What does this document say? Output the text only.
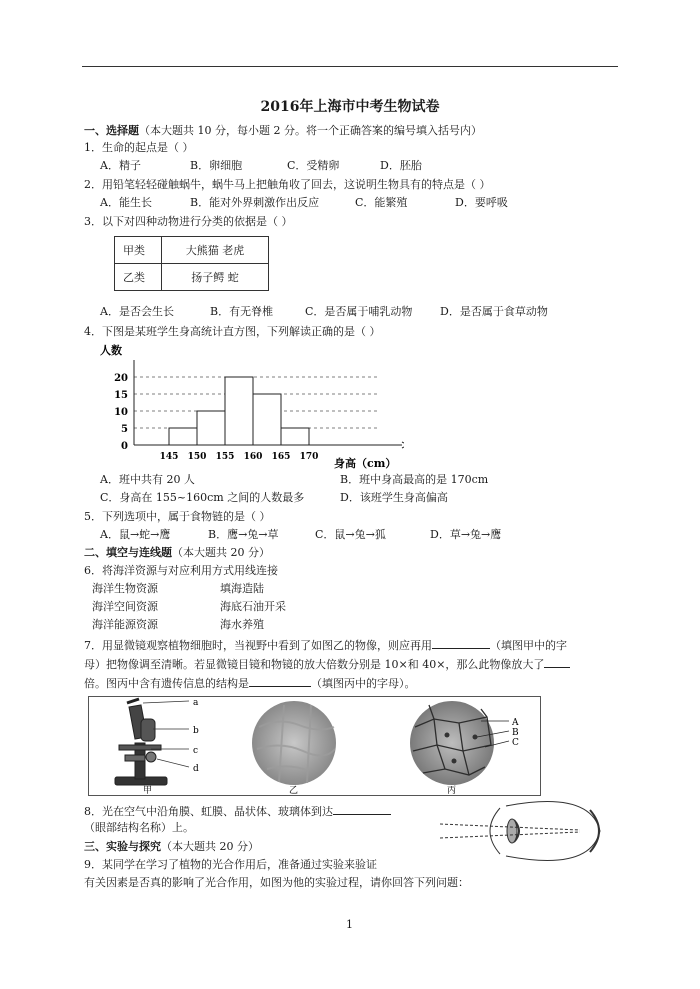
2016年上海市中考生物试卷
一、选择题（本大题共 10 分，每小题 2 分。将一个正确答案的编号填入括号内）
1．生命的起点是（ ）
A．精子	B．卵细胞	C．受精卵	D．胚胎
2．用铅笔轻轻碰触蜗牛，蜗牛马上把触角收了回去，这说明生物具有的特点是（ ）
A．能生长	B．能对外界刺激作出反应	C．能繁殖	D．要呼吸
3．以下对四种动物进行分类的依据是（ ）
甲类	大熊猫 老虎
乙类	扬子鳄 蛇
A．是否会生长	B．有无脊椎	C．是否属于哺乳动物	D．是否属于食草动物
4．下图是某班学生身高统计直方图，下列解读正确的是（ ）
人数
0
5
10
15
20
145 150 155 160 165 170 身高（cm）
A．班中共有 20 人	B．班中身高最高的是 170cm
C．身高在 155~160cm 之间的人数最多	D．该班学生身高偏高
5．下列选项中，属于食物链的是（ ）
A．鼠→蛇→鹰	B．鹰→兔→草	C．鼠→兔→狐	D．草→兔→鹰
二、填空与连线题（本大题共 20 分）
6．将海洋资源与对应利用方式用线连接
海洋生物资源
海洋空间资源
海洋能源资源
填海造陆
海底石油开采
海水养殖
7．用显微镜观察植物细胞时，当视野中看到了如图乙的物像，则应再用	（填图甲中的字
母）把物像调至清晰。若显微镜目镜和物镜的放大倍数分别是 10×和 40×，那么此物像放大了
倍。图丙中含有遗传信息的结构是	（填图丙中的字母）。
a
b
c
d
甲	乙
A
B
C
丙
8．光在空气中沿角膜、虹膜、晶状体、玻璃体到达
（眼部结构名称）上。
三、实验与探究（本大题共 20 分）
9．某同学在学习了植物的光合作用后，准备通过实验来验证
有关因素是否真的影响了光合作用，如图为他的实验过程，请你回答下列问题：
1
